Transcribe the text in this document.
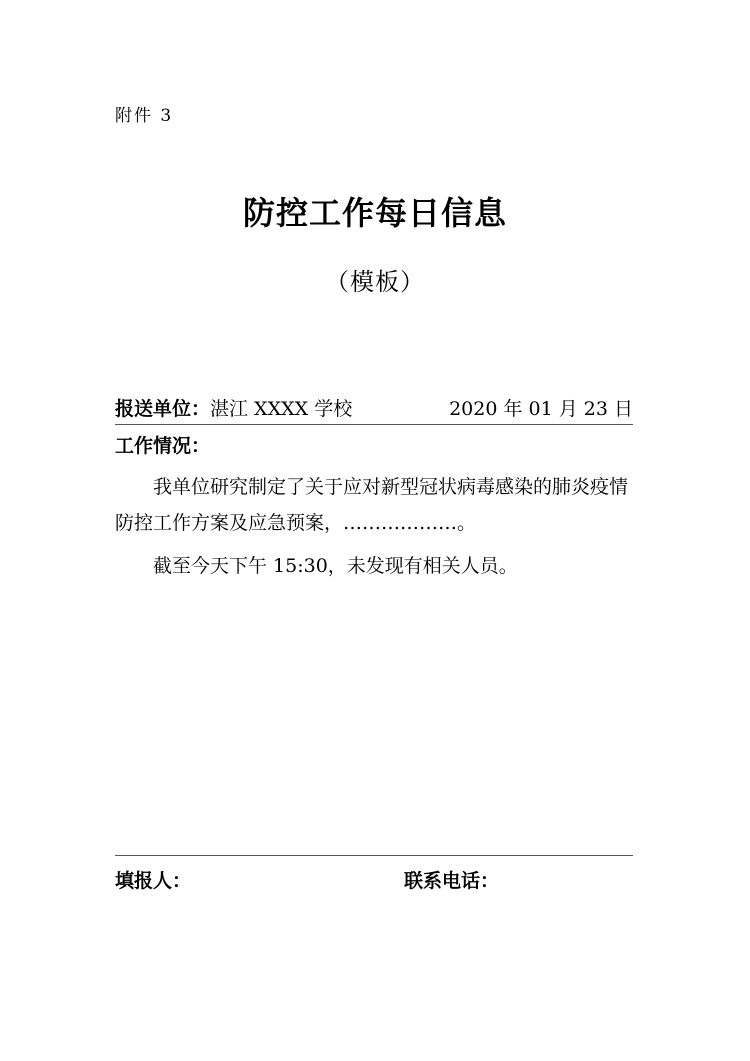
附件 3
防控工作每日信息
（模板）
报送单位：湛江 XXXX 学校	2020 年 01 月 23 日
工作情况：
我单位研究制定了关于应对新型冠状病毒感染的肺炎疫情防控工作方案及应急预案，………………。
截至今天下午 15:30，未发现有相关人员。
填报人：	联系电话：
